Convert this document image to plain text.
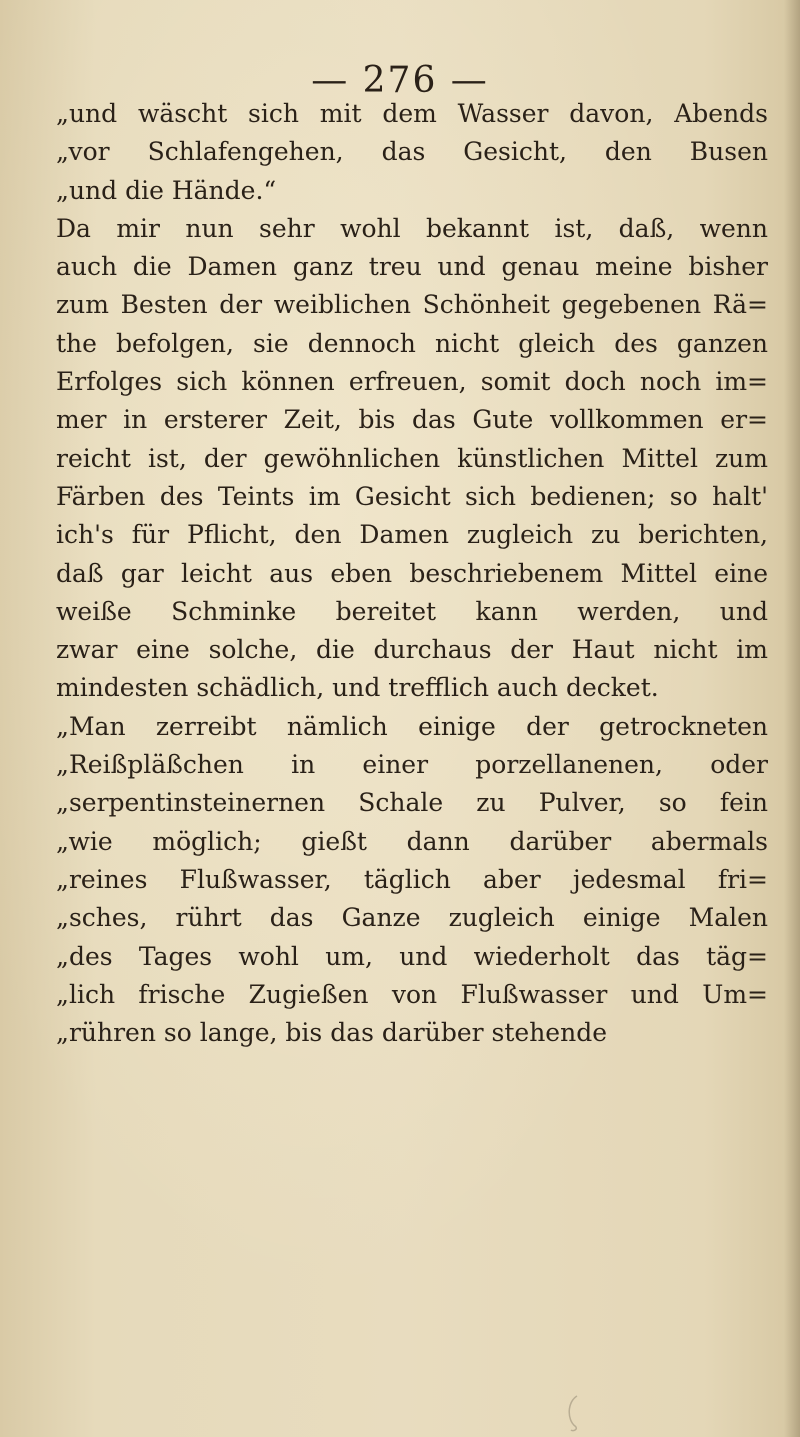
— 276 —
„und wäscht sich mit dem Wasser davon, Abends
„vor Schlafengehen, das Gesicht, den Busen
„und die Hände.“
Da mir nun sehr wohl bekannt ist, daß, wenn
auch die Damen ganz treu und genau meine bisher
zum Besten der weiblichen Schönheit gegebenen Rä=
the befolgen, sie dennoch nicht gleich des ganzen
Erfolges sich können erfreuen, somit doch noch im=
mer in ersterer Zeit, bis das Gute vollkommen er=
reicht ist, der gewöhnlichen künstlichen Mittel zum
Färben des Teints im Gesicht sich bedienen; so halt'
ich's für Pflicht, den Damen zugleich zu berichten,
daß gar leicht aus eben beschriebenem Mittel eine
weiße Schminke bereitet kann werden, und
zwar eine solche, die durchaus der Haut nicht im
mindesten schädlich, und trefflich auch decket.
„Man zerreibt nämlich einige der getrockneten
„Reißpläßchen in einer porzellanenen, oder
„serpentinsteinernen Schale zu Pulver, so fein
„wie möglich; gießt dann darüber abermals
„reines Flußwasser, täglich aber jedesmal fri=
„sches, rührt das Ganze zugleich einige Malen
„des Tages wohl um, und wiederholt das täg=
„lich frische Zugießen von Flußwasser und Um=
„rühren so lange, bis das darüber stehende
